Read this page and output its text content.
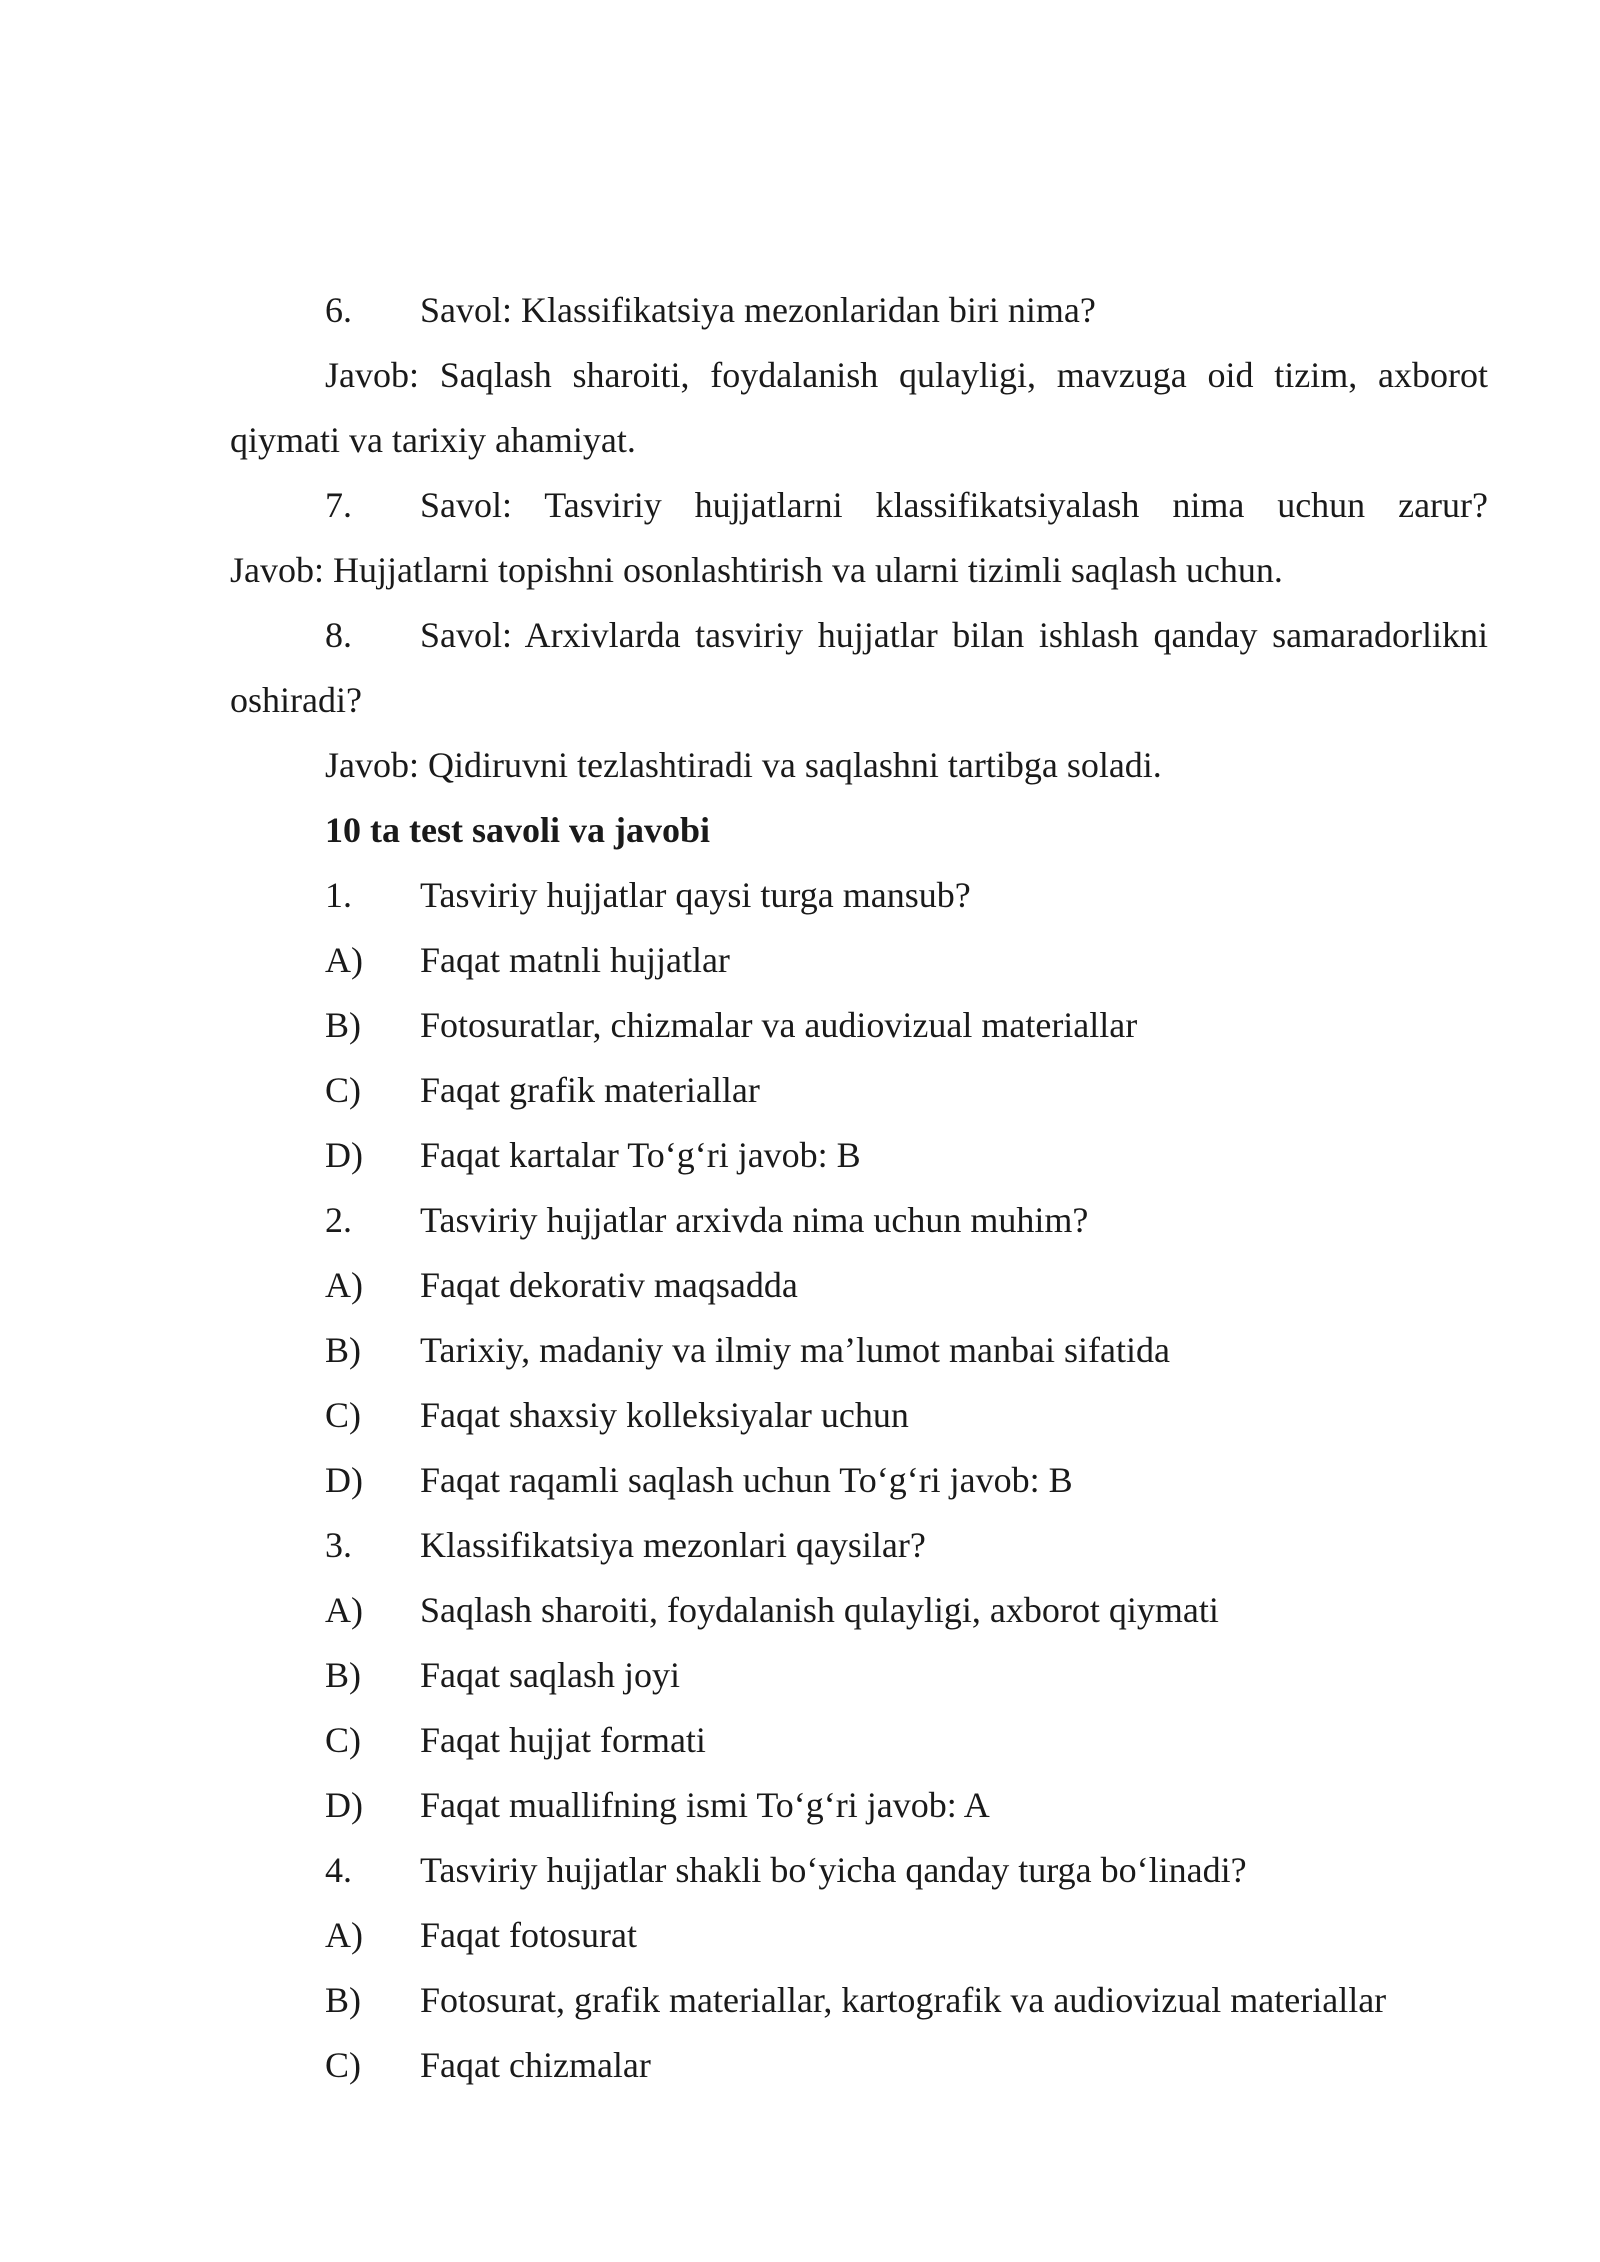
6. Savol: Klassifikatsiya mezonlaridan biri nima?

Javob: Saqlash sharoiti, foydalanish qulayligi, mavzuga oid tizim, axborot qiymati va tarixiy ahamiyat.

7. Savol: Tasviriy hujjatlarni klassifikatsiyalash nima uchun zarur?

Javob: Hujjatlarni topishni osonlashtirish va ularni tizimli saqlash uchun.

8. Savol: Arxivlarda tasviriy hujjatlar bilan ishlash qanday samaradorlikni oshiradi?

Javob: Qidiruvni tezlashtiradi va saqlashni tartibga soladi.

10 ta test savoli va javobi

1. Tasviriy hujjatlar qaysi turga mansub?

A) Faqat matnli hujjatlar

B) Fotosuratlar, chizmalar va audiovizual materiallar

C) Faqat grafik materiallar

D) Faqat kartalar To‘g‘ri javob: B

2. Tasviriy hujjatlar arxivda nima uchun muhim?

A) Faqat dekorativ maqsadda

B) Tarixiy, madaniy va ilmiy ma’lumot manbai sifatida

C) Faqat shaxsiy kolleksiyalar uchun

D) Faqat raqamli saqlash uchun To‘g‘ri javob: B

3. Klassifikatsiya mezonlari qaysilar?

A) Saqlash sharoiti, foydalanish qulayligi, axborot qiymati

B) Faqat saqlash joyi

C) Faqat hujjat formati

D) Faqat muallifning ismi To‘g‘ri javob: A

4. Tasviriy hujjatlar shakli bo‘yicha qanday turga bo‘linadi?

A) Faqat fotosurat

B) Fotosurat, grafik materiallar, kartografik va audiovizual materiallar

C) Faqat chizmalar
